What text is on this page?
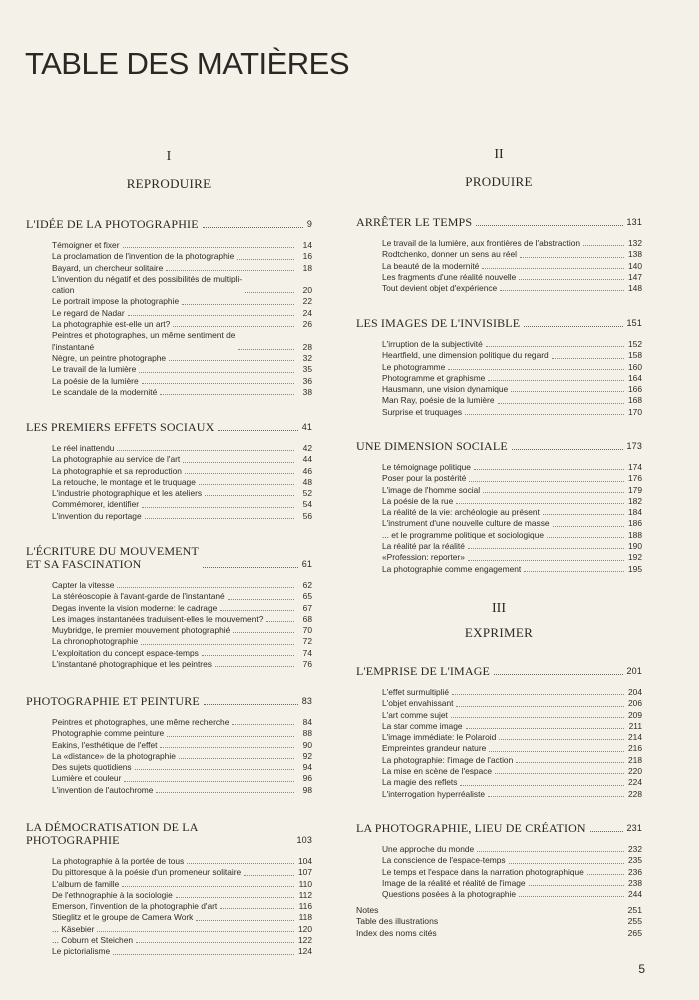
TABLE DES MATIÈRES
I
REPRODUIRE
L'IDÉE DE LA PHOTOGRAPHIE	9
Témoigner et fixer	14
La proclamation de l'invention de la photographie	16
Bayard, un chercheur solitaire	18
L'invention du négatif et des possibilités de multipli-
cation	20
Le portrait impose la photographie	22
Le regard de Nadar	24
La photographie est-elle un art?	26
Peintres et photographes, un même sentiment de
l'instantané	28
Nègre, un peintre photographe	32
Le travail de la lumière	35
La poésie de la lumière	36
Le scandale de la modernité	38
LES PREMIERS EFFETS SOCIAUX	41
Le réel inattendu	42
La photographie au service de l'art	44
La photographie et sa reproduction	46
La retouche, le montage et le truquage	48
L'industrie photographique et les ateliers	52
Commémorer, identifier	54
L'invention du reportage	56
L'ÉCRITURE DU MOUVEMENT
ET SA FASCINATION	61
Capter la vitesse	62
La stéréoscopie à l'avant-garde de l'instantané	65
Degas invente la vision moderne: le cadrage	67
Les images instantanées traduisent-elles le mouvement?	68
Muybridge, le premier mouvement photographié	70
La chronophotographie	72
L'exploitation du concept espace-temps	74
L'instantané photographique et les peintres	76
PHOTOGRAPHIE ET PEINTURE	83
Peintres et photographes, une même recherche	84
Photographie comme peinture	88
Eakins, l'esthétique de l'effet	90
La «distance» de la photographie	92
Des sujets quotidiens	94
Lumière et couleur	96
L'invention de l'autochrome	98
LA DÉMOCRATISATION DE LA PHOTOGRAPHIE	103
La photographie à la portée de tous	104
Du pittoresque à la poésie d'un promeneur solitaire	107
L'album de famille	110
De l'ethnographie à la sociologie	112
Emerson, l'invention de la photographie d'art	116
Stieglitz et le groupe de Camera Work	118
... Käsebier	120
... Coburn et Steichen	122
Le pictorialisme	124
II
PRODUIRE
ARRÊTER LE TEMPS	131
Le travail de la lumière, aux frontières de l'abstraction	132
Rodtchenko, donner un sens au réel	138
La beauté de la modernité	140
Les fragments d'une réalité nouvelle	147
Tout devient objet d'expérience	148
LES IMAGES DE L'INVISIBLE	151
L'irruption de la subjectivité	152
Heartfield, une dimension politique du regard	158
Le photogramme	160
Photogramme et graphisme	164
Hausmann, une vision dynamique	166
Man Ray, poésie de la lumière	168
Surprise et truquages	170
UNE DIMENSION SOCIALE	173
Le témoignage politique	174
Poser pour la postérité	176
L'image de l'homme social	179
La poésie de la rue	182
La réalité de la vie: archéologie au présent	184
L'instrument d'une nouvelle culture de masse	186
... et le programme politique et sociologique	188
La réalité par la réalité	190
«Profession: reporter»	192
La photographie comme engagement	195
III
EXPRIMER
L'EMPRISE DE L'IMAGE	201
L'effet surmultiplié	204
L'objet envahissant	206
L'art comme sujet	209
La star comme image	211
L'image immédiate: le Polaroid	214
Empreintes grandeur nature	216
La photographie: l'image de l'action	218
La mise en scène de l'espace	220
La magie des reflets	224
L'interrogation hyperréaliste	228
LA PHOTOGRAPHIE, LIEU DE CRÉATION	231
Une approche du monde	232
La conscience de l'espace-temps	235
Le temps et l'espace dans la narration photographique	236
Image de la réalité et réalité de l'image	238
Questions posées à la photographie	244
Notes	251
Table des illustrations	255
Index des noms cités	265
5
